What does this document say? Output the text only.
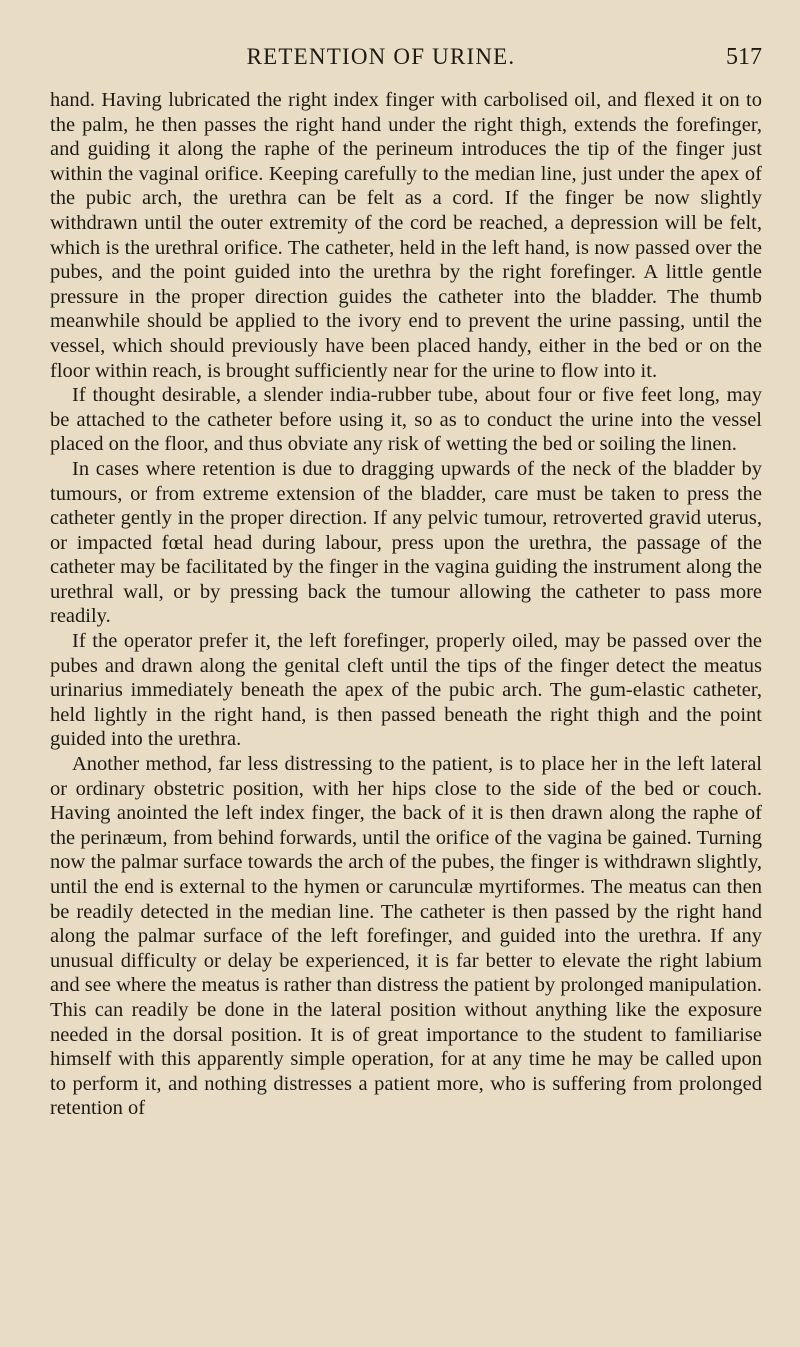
RETENTION OF URINE.	517

hand. Having lubricated the right index finger with carbolised oil, and flexed it on to the palm, he then passes the right hand under the right thigh, extends the forefinger, and guiding it along the raphe of the perineum introduces the tip of the finger just within the vaginal orifice. Keeping carefully to the median line, just under the apex of the pubic arch, the urethra can be felt as a cord. If the finger be now slightly withdrawn until the outer extremity of the cord be reached, a depression will be felt, which is the urethral orifice. The catheter, held in the left hand, is now passed over the pubes, and the point guided into the urethra by the right forefinger. A little gentle pressure in the proper direction guides the catheter into the bladder. The thumb meanwhile should be applied to the ivory end to prevent the urine passing, until the vessel, which should previously have been placed handy, either in the bed or on the floor within reach, is brought sufficiently near for the urine to flow into it.

If thought desirable, a slender india-rubber tube, about four or five feet long, may be attached to the catheter before using it, so as to conduct the urine into the vessel placed on the floor, and thus obviate any risk of wetting the bed or soiling the linen.

In cases where retention is due to dragging upwards of the neck of the bladder by tumours, or from extreme extension of the bladder, care must be taken to press the catheter gently in the proper direction. If any pelvic tumour, retroverted gravid uterus, or impacted fœtal head during labour, press upon the urethra, the passage of the catheter may be facilitated by the finger in the vagina guiding the instrument along the urethral wall, or by pressing back the tumour allowing the catheter to pass more readily.

If the operator prefer it, the left forefinger, properly oiled, may be passed over the pubes and drawn along the genital cleft until the tips of the finger detect the meatus urinarius immediately beneath the apex of the pubic arch. The gum-elastic catheter, held lightly in the right hand, is then passed beneath the right thigh and the point guided into the urethra.

Another method, far less distressing to the patient, is to place her in the left lateral or ordinary obstetric position, with her hips close to the side of the bed or couch. Having anointed the left index finger, the back of it is then drawn along the raphe of the perinæum, from behind forwards, until the orifice of the vagina be gained. Turning now the palmar surface towards the arch of the pubes, the finger is withdrawn slightly, until the end is external to the hymen or carunculæ myrtiformes. The meatus can then be readily detected in the median line. The catheter is then passed by the right hand along the palmar surface of the left forefinger, and guided into the urethra. If any unusual difficulty or delay be experienced, it is far better to elevate the right labium and see where the meatus is rather than distress the patient by prolonged manipulation. This can readily be done in the lateral position without anything like the exposure needed in the dorsal position. It is of great importance to the student to familiarise himself with this apparently simple operation, for at any time he may be called upon to perform it, and nothing distresses a patient more, who is suffering from prolonged retention of
